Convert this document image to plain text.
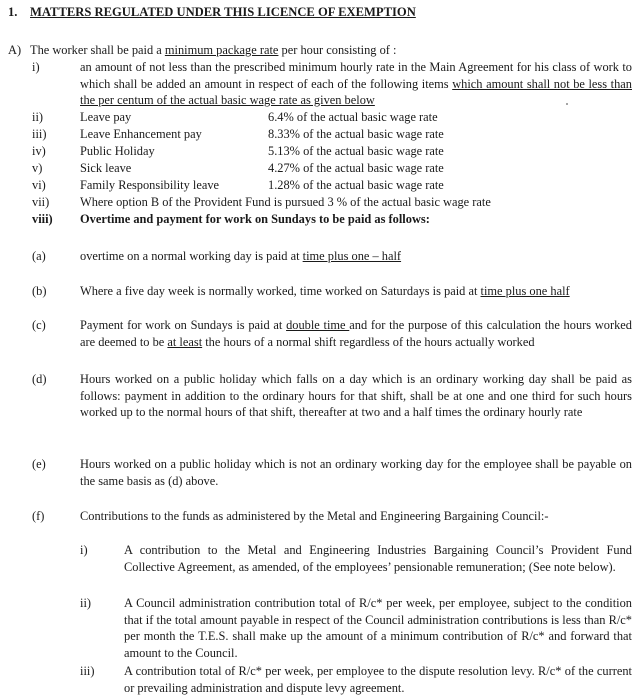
1. MATTERS REGULATED UNDER THIS LICENCE OF EXEMPTION
A) The worker shall be paid a minimum package rate per hour consisting of :
i)	an amount of not less than the prescribed minimum hourly rate in the Main Agreement for his class of work to which shall be added an amount in respect of each of the following items which amount shall not be less than the per centum of the actual basic wage rate as given below
ii)	Leave pay	6.4% of the actual basic wage rate
iii)	Leave Enhancement pay	8.33% of the actual basic wage rate
iv)	Public Holiday	5.13% of the actual basic wage rate
v)	Sick leave	4.27% of the actual basic wage rate
vi)	Family Responsibility leave	1.28% of the actual basic wage rate
vii) Where option B of the Provident Fund is pursued 3 % of the actual basic wage rate
viii) Overtime and payment for work on Sundays to be paid as follows:
(a)	overtime on a normal working day is paid at time plus one – half
(b)	Where a five day week is normally worked, time worked on Saturdays is paid at time plus one half
(c)	Payment for work on Sundays is paid at double time and for the purpose of this calculation the hours worked are deemed to be at least the hours of a normal shift regardless of the hours actually worked
(d)	Hours worked on a public holiday which falls on a day which is an ordinary working day shall be paid as follows: payment in addition to the ordinary hours for that shift, shall be at one and one third for such hours worked up to the normal hours of that shift, thereafter at two and a half times the ordinary hourly rate
(e)	Hours worked on a public holiday which is not an ordinary working day for the employee shall be payable on the same basis as (d) above.
(f)	Contributions to the funds as administered by the Metal and Engineering Bargaining Council:-
i)	A contribution to the Metal and Engineering Industries Bargaining Council’s Provident Fund Collective Agreement, as amended, of the employees’ pensionable remuneration; (See note below).
ii)	A Council administration contribution total of R/c* per week, per employee, subject to the condition that if the total amount payable in respect of the Council administration contributions is less than R/c* per month the T.E.S. shall make up the amount of a minimum contribution of R/c* and forward that amount to the Council.
iii) A contribution total of R/c* per week, per employee to the dispute resolution levy. R/c* of the current or prevailing administration and dispute levy agreement.
